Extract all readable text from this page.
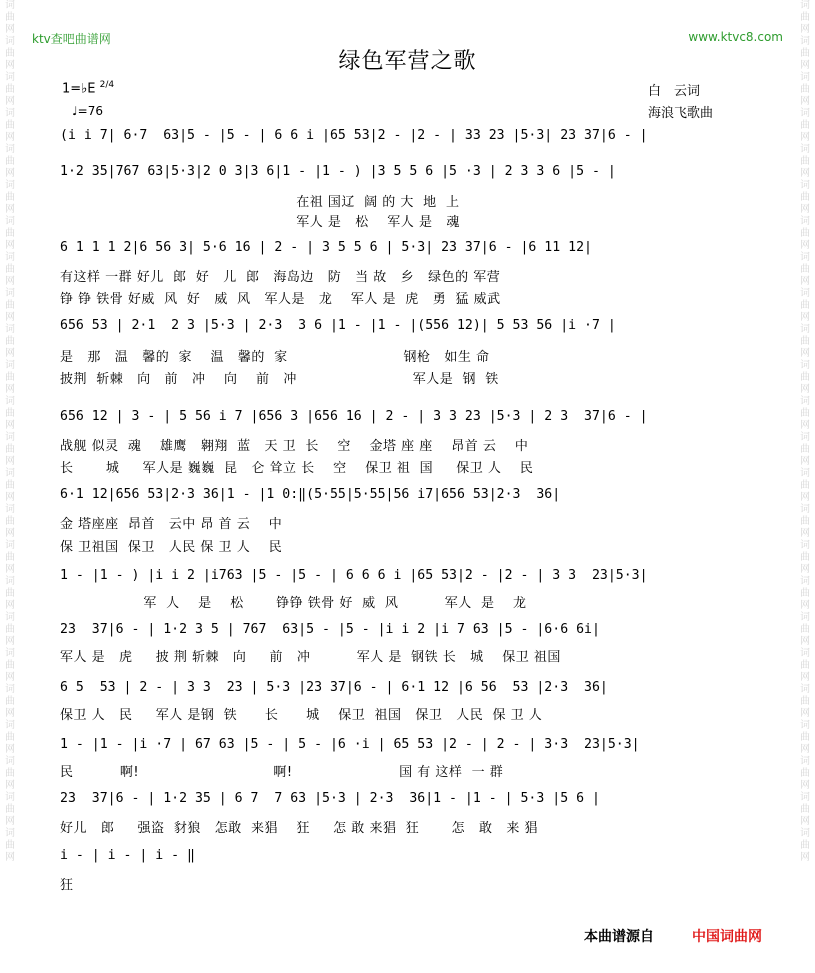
词曲网词曲网词曲网词曲网词曲网词曲网词曲网词曲网词曲网词曲网词曲网词曲网词曲网词曲网词曲网词曲网词曲网词曲网词曲网词曲网词曲网词曲网词曲网词曲网
词曲网词曲网词曲网词曲网词曲网词曲网词曲网词曲网词曲网词曲网词曲网词曲网词曲网词曲网词曲网词曲网词曲网词曲网词曲网词曲网词曲网词曲网词曲网词曲网
ktv查吧曲谱网	www.ktvc8.com
绿色军营之歌
1=♭E $^{2/4}$
♩=76
白　云词
海浪飞歌曲
(i i 7| 6·7  63|5 - |5 - | 6 6 i |65 53|2 - |2 - | 33 23 |5·3| 23 37|6 - |
1·2 35|767 63|5·3|2 0 3|3 6|1 - |1 - ) |3 5 5 6 |5 ·3 | 2 3 3 6 |5 - |
在祖 国辽  阔 的 大  地  上
军人 是   松    军人 是   魂
6 1 1 1 2|6 56 3| 5·6 16 | 2 - | 3 5 5 6 | 5·3| 23 37|6 - |6 11 12|
有这样 一群 好儿  郎  好   儿  郎   海岛边   防   当 故   乡   绿色的 军营
铮 铮 铁骨 好威  风  好   威  风   军人是   龙    军人 是  虎   勇  猛 威武
656 53 | 2·1  2 3 |5·3 | 2·3  3 6 |1 - |1 - |(556 12)| 5 53 56 |i ·7 |
是   那   温   馨的  家    温   馨的  家                         钢枪   如生 命
披荆  斩棘   向   前   冲    向    前   冲                         军人是  钢  铁
656 12 | 3 - | 5 56 i 7 |656 3 |656 16 | 2 - | 3 3 23 |5·3 | 2 3  37|6 - |
战舰 似灵  魂    雄鹰   翱翔  蓝   天 卫  长    空    金塔 座 座    昂首 云    中
长       城     军人是 巍巍  昆   仑 耸立 长    空    保卫 祖  国     保卫 人    民
6·1 12|656 53|2·3 36|1 - |1 0:‖(5·55|5·55|56 i7|656 53|2·3  36|
金 塔座座  昂首   云中 昂 首 云    中
保 卫祖国  保卫   人民 保 卫 人    民
1 - |1 - ) |i i 2 |i763 |5 - |5 - | 6 6 6 i |65 53|2 - |2 - | 3 3  23|5·3|
军  人    是    松       铮铮 铁骨 好  威  风          军人  是    龙
23  37|6 - | 1·2 3 5 | 767  63|5 - |5 - |i i 2 |i 7 63 |5 - |6·6 6i|
军人 是   虎     披 荆 斩棘   向     前   冲          军人 是  钢铁 长   城    保卫 祖国
6 5  53 | 2 - | 3 3  23 | 5·3 |23 37|6 - | 6·1 12 |6 56  53 |2·3  36|
保卫 人   民     军人 是钢  铁      长      城    保卫  祖国   保卫   人民  保 卫 人
1 - |1 - |i ·7 | 67 63 |5 - | 5 - |6 ·i | 65 53 |2 - | 2 - | 3·3  23|5·3|
民          啊!                             啊!                       国 有 这样  一 群
23  37|6 - | 1·2 35 | 6 7  7 63 |5·3 | 2·3  36|1 - |1 - | 5·3 |5 6 |
好儿   郎     强盗  豺狼   怎敢  来猖    狂     怎 敢 来猖  狂       怎   敢   来 猖
i - | i - | i - ‖
狂
本曲谱源自	中国词曲网
